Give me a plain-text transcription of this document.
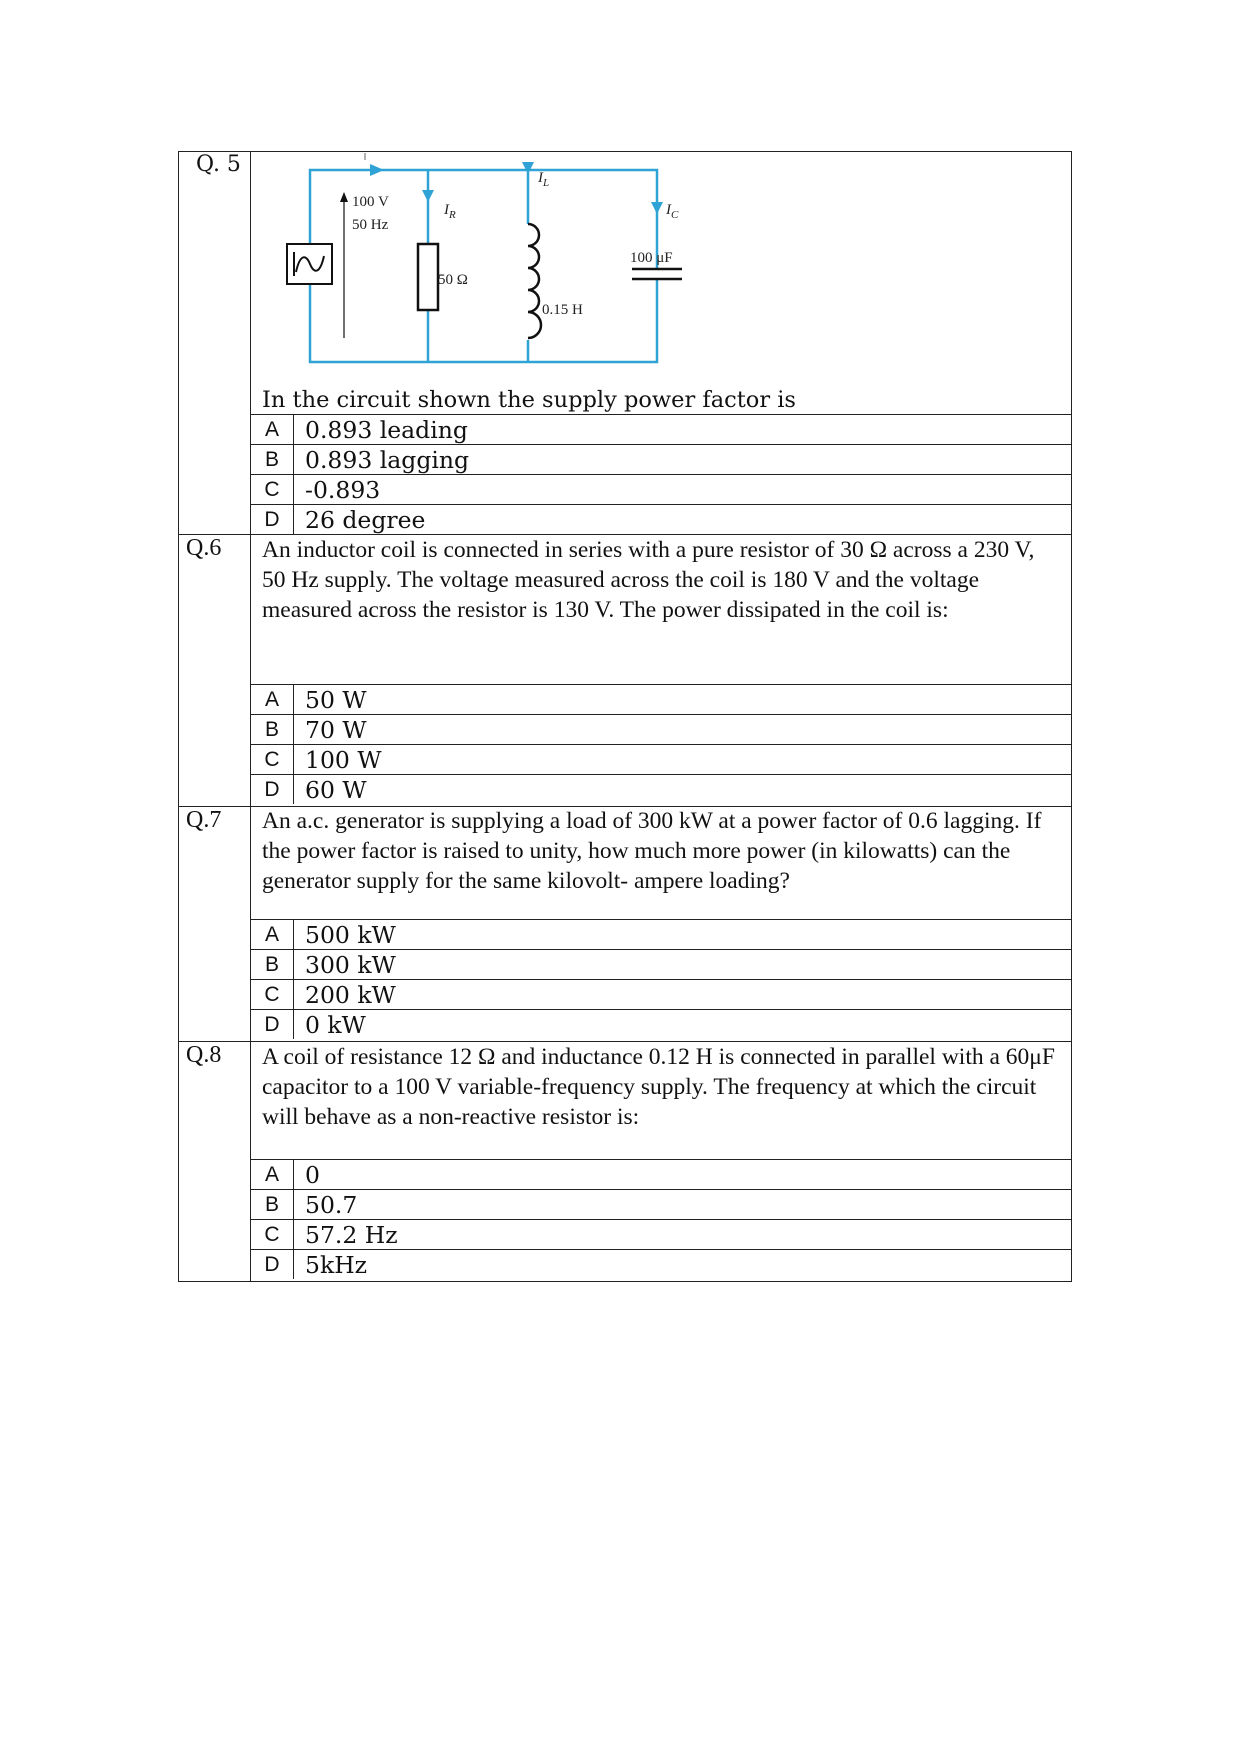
Q. 5
100 V
50 Hz
$I_R$
50 Ω
$I_L$
0.15 H
$I_C$
100 μF
In the circuit shown the supply power factor is
A	0.893 leading
B	0.893 lagging
C	-0.893
D	26 degree
Q.6 An inductor coil is connected in series with a pure resistor of 30 Ω across a 230 V, 50 Hz supply. The voltage measured across the coil is 180 V and the voltage measured across the resistor is 130 V. The power dissipated in the coil is:
A	50 W
B	70 W
C	100 W
D	60 W
Q.7 An a.c. generator is supplying a load of 300 kW at a power factor of 0.6 lagging. If the power factor is raised to unity, how much more power (in kilowatts) can the generator supply for the same kilovolt- ampere loading?
A	500 kW
B	300 kW
C	200 kW
D	0 kW
Q.8 A coil of resistance 12 Ω and inductance 0.12 H is connected in parallel with a 60μF capacitor to a 100 V variable-frequency supply. The frequency at which the circuit will behave as a non-reactive resistor is:
A	0
B	50.7
C	57.2 Hz
D	5kHz
